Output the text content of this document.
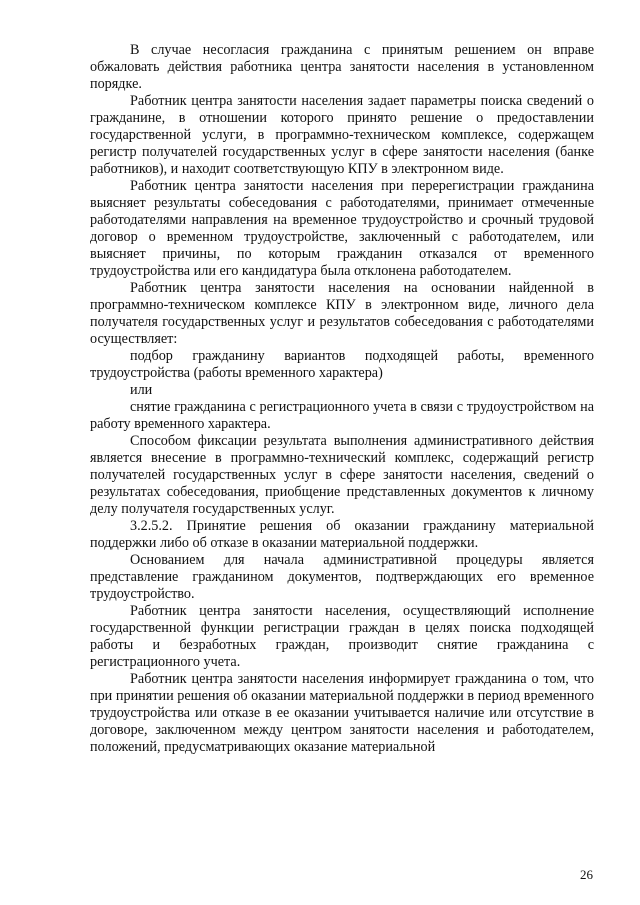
В случае несогласия гражданина с принятым решением он вправе обжаловать действия работника центра занятости населения в установленном порядке.

Работник центра занятости населения задает параметры поиска сведений о гражданине, в отношении которого принято решение о предоставлении государственной услуги, в программно-техническом комплексе, содержащем регистр получателей государственных услуг в сфере занятости населения (банке работников), и находит соответствующую КПУ в электронном виде.

Работник центра занятости населения при перерегистрации гражданина выясняет результаты собеседования с работодателями, принимает отмеченные работодателями направления на временное трудоустройство и срочный трудовой договор о временном трудоустройстве, заключенный с работодателем, или выясняет причины, по которым гражданин отказался от временного трудоустройства или его кандидатура была отклонена работодателем.

Работник центра занятости населения на основании найденной в программно-техническом комплексе КПУ в электронном виде, личного дела получателя государственных услуг и результатов собеседования с работодателями осуществляет:

подбор гражданину вариантов подходящей работы, временного трудоустройства (работы временного характера)

или

снятие гражданина с регистрационного учета в связи с трудоустройством на работу временного характера.

Способом фиксации результата выполнения административного действия является внесение в программно-технический комплекс, содержащий регистр получателей государственных услуг в сфере занятости населения, сведений о результатах собеседования, приобщение представленных документов к личному делу получателя государственных услуг.

3.2.5.2. Принятие решения об оказании гражданину материальной поддержки либо об отказе в оказании материальной поддержки.

Основанием для начала административной процедуры является представление гражданином документов, подтверждающих его временное трудоустройство.

Работник центра занятости населения, осуществляющий исполнение государственной функции регистрации граждан в целях поиска подходящей работы и безработных граждан, производит снятие гражданина с регистрационного учета.

Работник центра занятости населения информирует гражданина о том, что при принятии решения об оказании материальной поддержки в период временного трудоустройства или отказе в ее оказании учитывается наличие или отсутствие в договоре, заключенном между центром занятости населения и работодателем, положений, предусматривающих оказание материальной

26
